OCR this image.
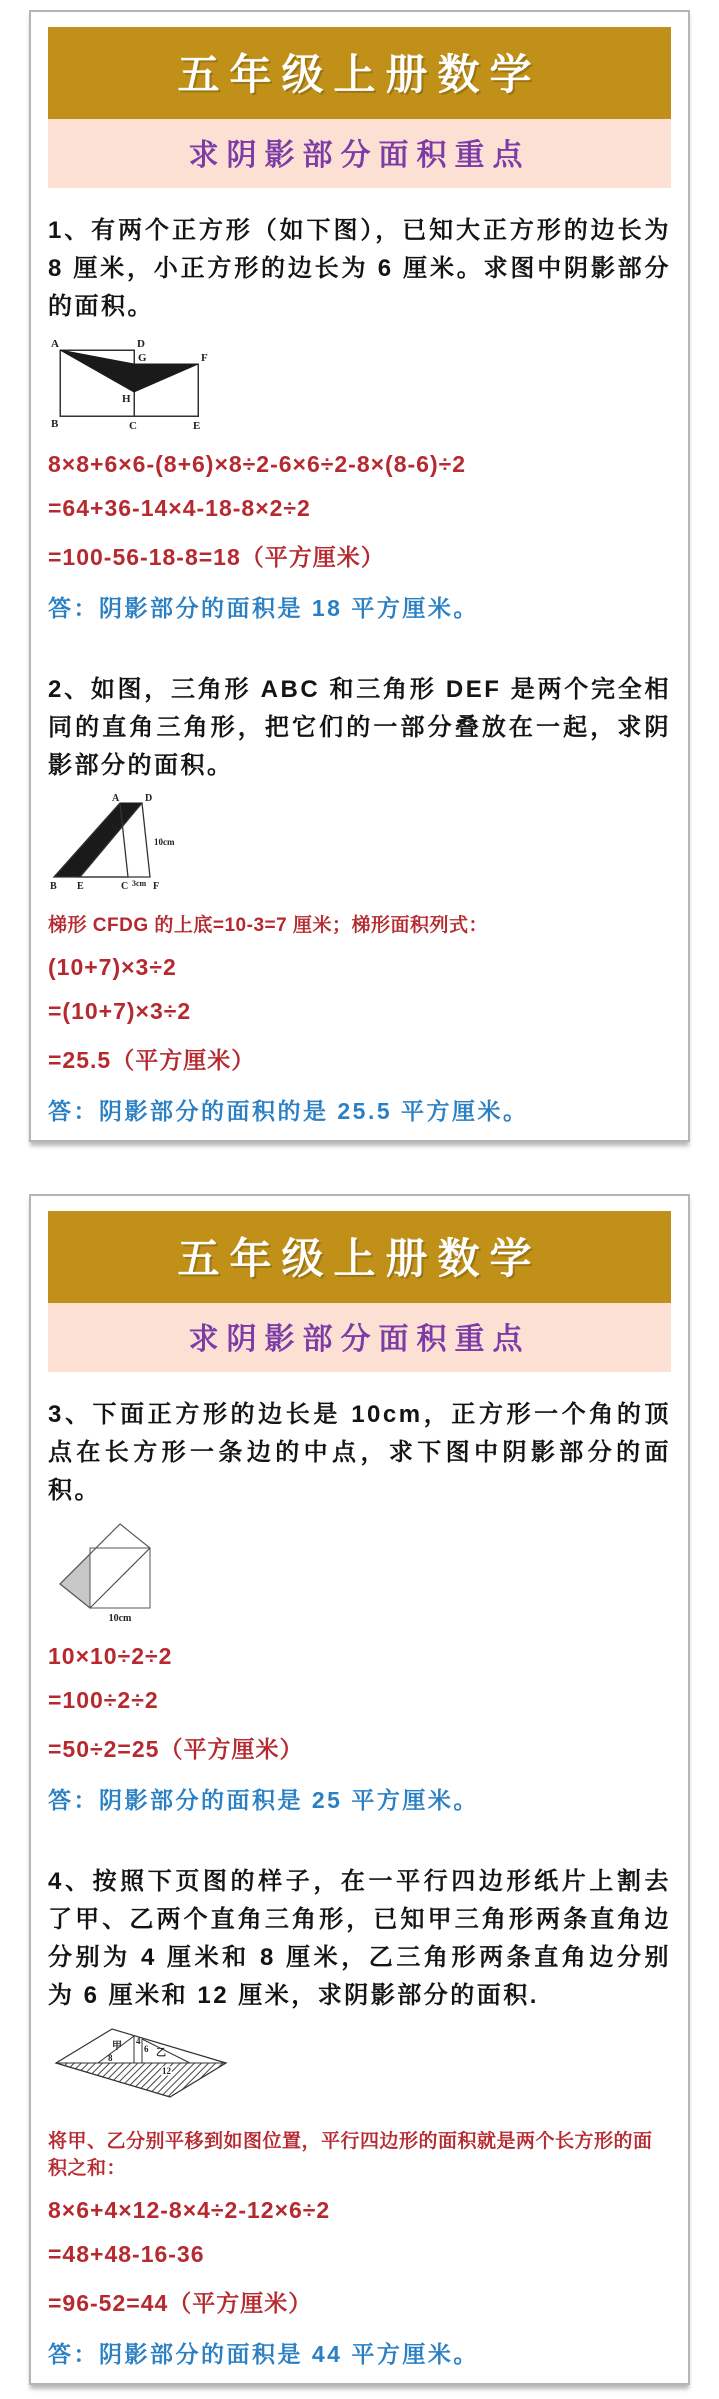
五年级上册数学
求阴影部分面积重点
1、有两个正方形（如下图），已知大正方形的边长为 8 厘米，小正方形的边长为 6 厘米。求图中阴影部分的面积。
A	D
G	F
H
B	C	E
8×8+6×6-(8+6)×8÷2-6×6÷2-8×(8-6)÷2
=64+36-14×4-18-8×2÷2
=100-56-18-8=18（平方厘米）
答：阴影部分的面积是 18 平方厘米。
2、如图，三角形 ABC 和三角形 DEF 是两个完全相同的直角三角形，把它们的一部分叠放在一起，求阴影部分的面积。
A	D
G
B E	C 3cm F
10cm
梯形 CFDG 的上底=10-3=7 厘米；梯形面积列式：
(10+7)×3÷2
=(10+7)×3÷2
=25.5（平方厘米）
答：阴影部分的面积的是 25.5 平方厘米。
五年级上册数学
求阴影部分面积重点
3、下面正方形的边长是 10cm，正方形一个角的顶点在长方形一条边的中点，求下图中阴影部分的面积。
10cm
10×10÷2÷2
=100÷2÷2
=50÷2=25（平方厘米）
答：阴影部分的面积是 25 平方厘米。
4、按照下页图的样子，在一平行四边形纸片上割去了甲、乙两个直角三角形，已知甲三角形两条直角边分别为 4 厘米和 8 厘米，乙三角形两条直角边分别为 6 厘米和 12 厘米，求阴影部分的面积.
甲 4
8	乙
6
12
将甲、乙分别平移到如图位置，平行四边形的面积就是两个长方形的面积之和：
8×6+4×12-8×4÷2-12×6÷2
=48+48-16-36
=96-52=44（平方厘米）
答：阴影部分的面积是 44 平方厘米。
